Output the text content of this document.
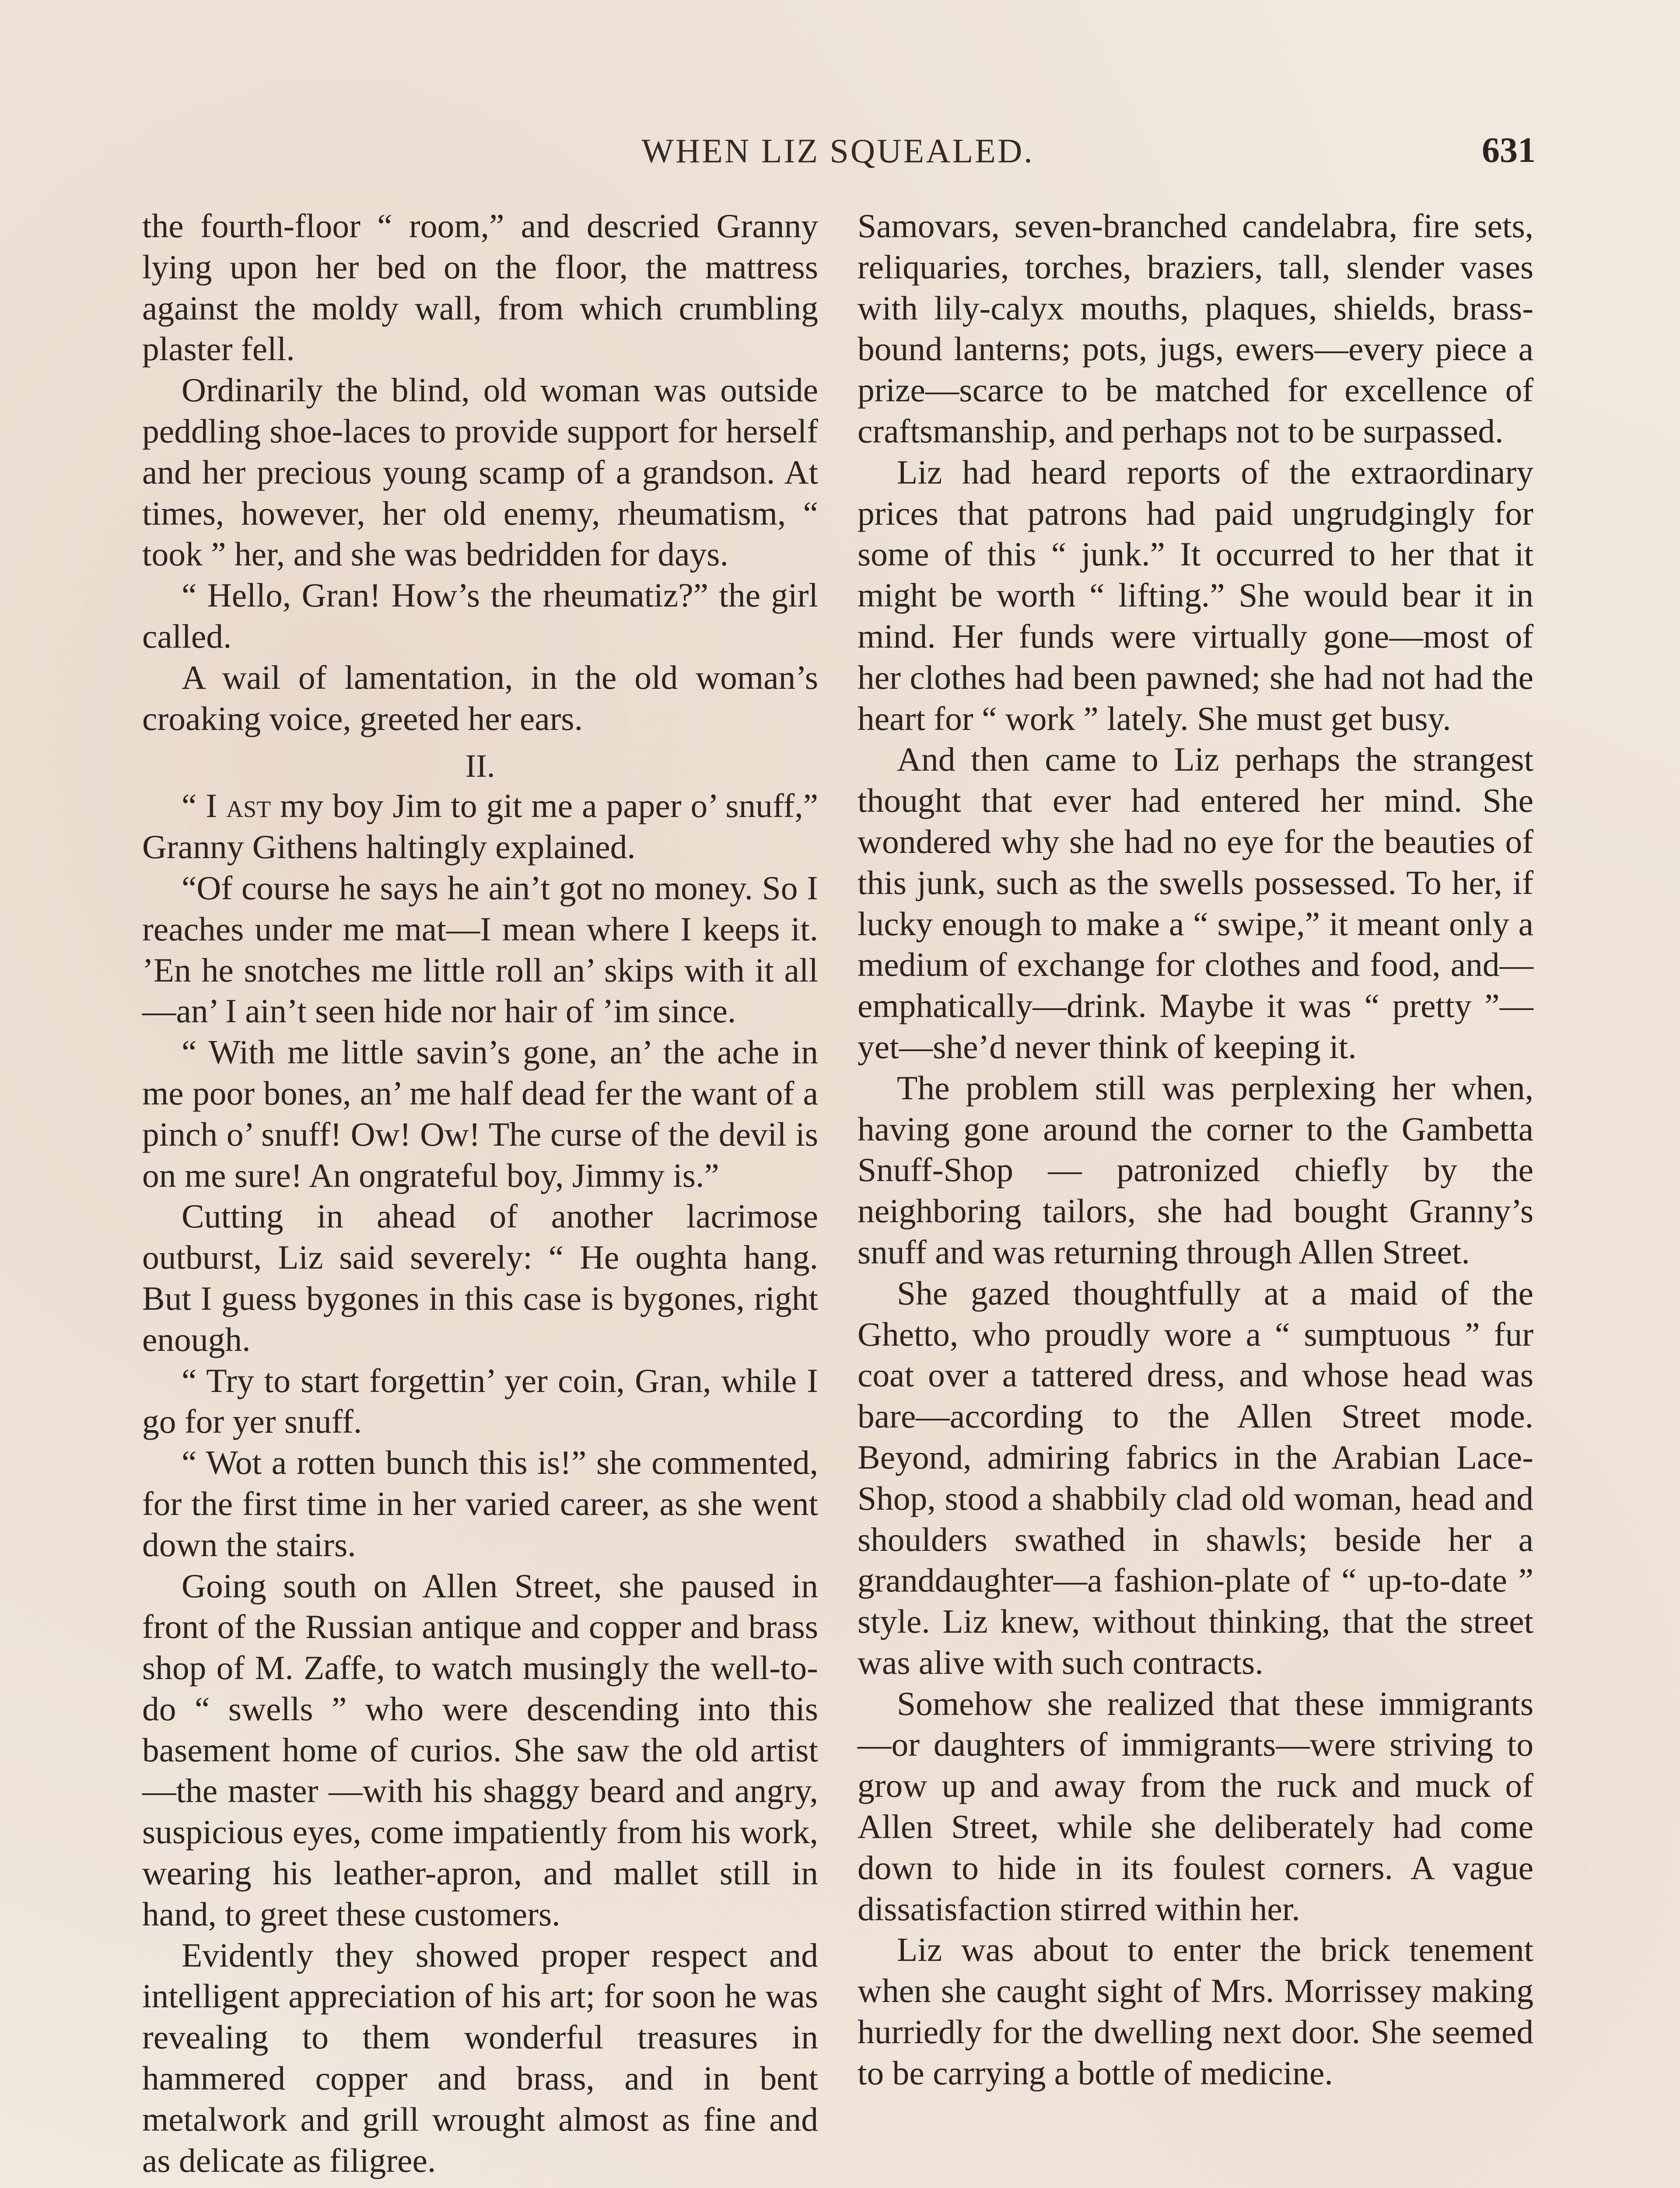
WHEN LIZ SQUEALED.	631

the fourth-floor “ room,” and descried Granny lying upon her bed on the floor, the mattress against the moldy wall, from which crumbling plaster fell.

Ordinarily the blind, old woman was outside peddling shoe-laces to provide support for herself and her precious young scamp of a grandson. At times, however, her old enemy, rheumatism, “ took ” her, and she was bedridden for days.

“ Hello, Gran! How’s the rheumatiz?” the girl called.

A wail of lamentation, in the old woman’s croaking voice, greeted her ears.

II.

“ I ast my boy Jim to git me a paper o’ snuff,” Granny Githens haltingly explained.

“Of course he says he ain’t got no money. So I reaches under me mat—I mean where I keeps it. ’En he snotches me little roll an’ skips with it all—an’ I ain’t seen hide nor hair of ’im since.

“ With me little savin’s gone, an’ the ache in me poor bones, an’ me half dead fer the want of a pinch o’ snuff! Ow! Ow! The curse of the devil is on me sure! An ongrateful boy, Jimmy is.”

Cutting in ahead of another lacrimose outburst, Liz said severely: “ He oughta hang. But I guess bygones in this case is bygones, right enough.

“ Try to start forgettin’ yer coin, Gran, while I go for yer snuff.

“ Wot a rotten bunch this is!” she commented, for the first time in her varied career, as she went down the stairs.

Going south on Allen Street, she paused in front of the Russian antique and copper and brass shop of M. Zaffe, to watch musingly the well-to-do “ swells ” who were descending into this basement home of curios. She saw the old artist—the master —with his shaggy beard and angry, suspicious eyes, come impatiently from his work, wearing his leather-apron, and mallet still in hand, to greet these customers.

Evidently they showed proper respect and intelligent appreciation of his art; for soon he was revealing to them wonderful treasures in hammered copper and brass, and in bent metalwork and grill wrought almost as fine and as delicate as filigree.

Samovars, seven-branched candelabra, fire sets, reliquaries, torches, braziers, tall, slender vases with lily-calyx mouths, plaques, shields, brass-bound lanterns; pots, jugs, ewers—every piece a prize—scarce to be matched for excellence of craftsmanship, and perhaps not to be surpassed.

Liz had heard reports of the extraordinary prices that patrons had paid ungrudgingly for some of this “ junk.” It occurred to her that it might be worth “ lifting.” She would bear it in mind. Her funds were virtually gone—most of her clothes had been pawned; she had not had the heart for “ work ” lately. She must get busy.

And then came to Liz perhaps the strangest thought that ever had entered her mind. She wondered why she had no eye for the beauties of this junk, such as the swells possessed. To her, if lucky enough to make a “ swipe,” it meant only a medium of exchange for clothes and food, and—emphatically—drink. Maybe it was “ pretty ”—yet—she’d never think of keeping it.

The problem still was perplexing her when, having gone around the corner to the Gambetta Snuff-Shop — patronized chiefly by the neighboring tailors, she had bought Granny’s snuff and was returning through Allen Street.

She gazed thoughtfully at a maid of the Ghetto, who proudly wore a “ sumptuous ” fur coat over a tattered dress, and whose head was bare—according to the Allen Street mode. Beyond, admiring fabrics in the Arabian Lace-Shop, stood a shabbily clad old woman, head and shoulders swathed in shawls; beside her a granddaughter—a fashion-plate of “ up-to-date ” style. Liz knew, without thinking, that the street was alive with such contracts.

Somehow she realized that these immigrants—or daughters of immigrants—were striving to grow up and away from the ruck and muck of Allen Street, while she deliberately had come down to hide in its foulest corners. A vague dissatisfaction stirred within her.

Liz was about to enter the brick tenement when she caught sight of Mrs. Morrissey making hurriedly for the dwelling next door. She seemed to be carrying a bottle of medicine.
